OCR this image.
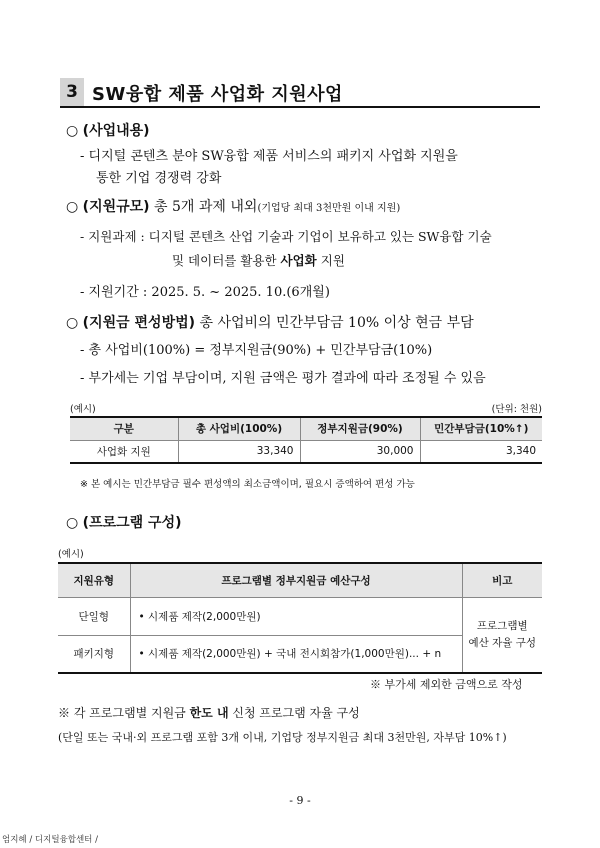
3 SW융합 제품 사업화 지원사업
○ (사업내용)
- 디지털 콘텐츠 분야 SW융합 제품 서비스의 패키지 사업화 지원을
통한 기업 경쟁력 강화
○ (지원규모) 총 5개 과제 내외(기업당 최대 3천만원 이내 지원)
- 지원과제 : 디지털 콘텐츠 산업 기술과 기업이 보유하고 있는 SW융합 기술
및 데이터를 활용한 사업화 지원
- 지원기간 : 2025. 5. ~ 2025. 10.(6개월)
○ (지원금 편성방법) 총 사업비의 민간부담금 10% 이상 현금 부담
- 총 사업비(100%) = 정부지원금(90%) + 민간부담금(10%)
- 부가세는 기업 부담이며, 지원 금액은 평가 결과에 따라 조정될 수 있음
(예시)	(단위: 천원)
구분	총 사업비(100%)	정부지원금(90%)	민간부담금(10%↑)
사업화 지원	33,340	30,000	3,340
※ 본 예시는 민간부담금 필수 편성액의 최소금액이며, 필요시 증액하여 편성 가능
○ (프로그램 구성)
(예시)
지원유형	프로그램별 정부지원금 예산구성	비고
단일형	• 시제품 제작(2,000만원)	프로그램별
예산 자율 구성

패키지형	• 시제품 제작(2,000만원) + 국내 전시회참가(1,000만원)... + n	
※ 부가세 제외한 금액으로 작성
※ 각 프로그램별 지원금 한도 내 신청 프로그램 자율 구성
(단일 또는 국내·외 프로그램 포함 3개 이내, 기업당 정부지원금 최대 3천만원, 자부담 10%↑)
- 9 -
엄지혜 / 디지털융합센터 /
